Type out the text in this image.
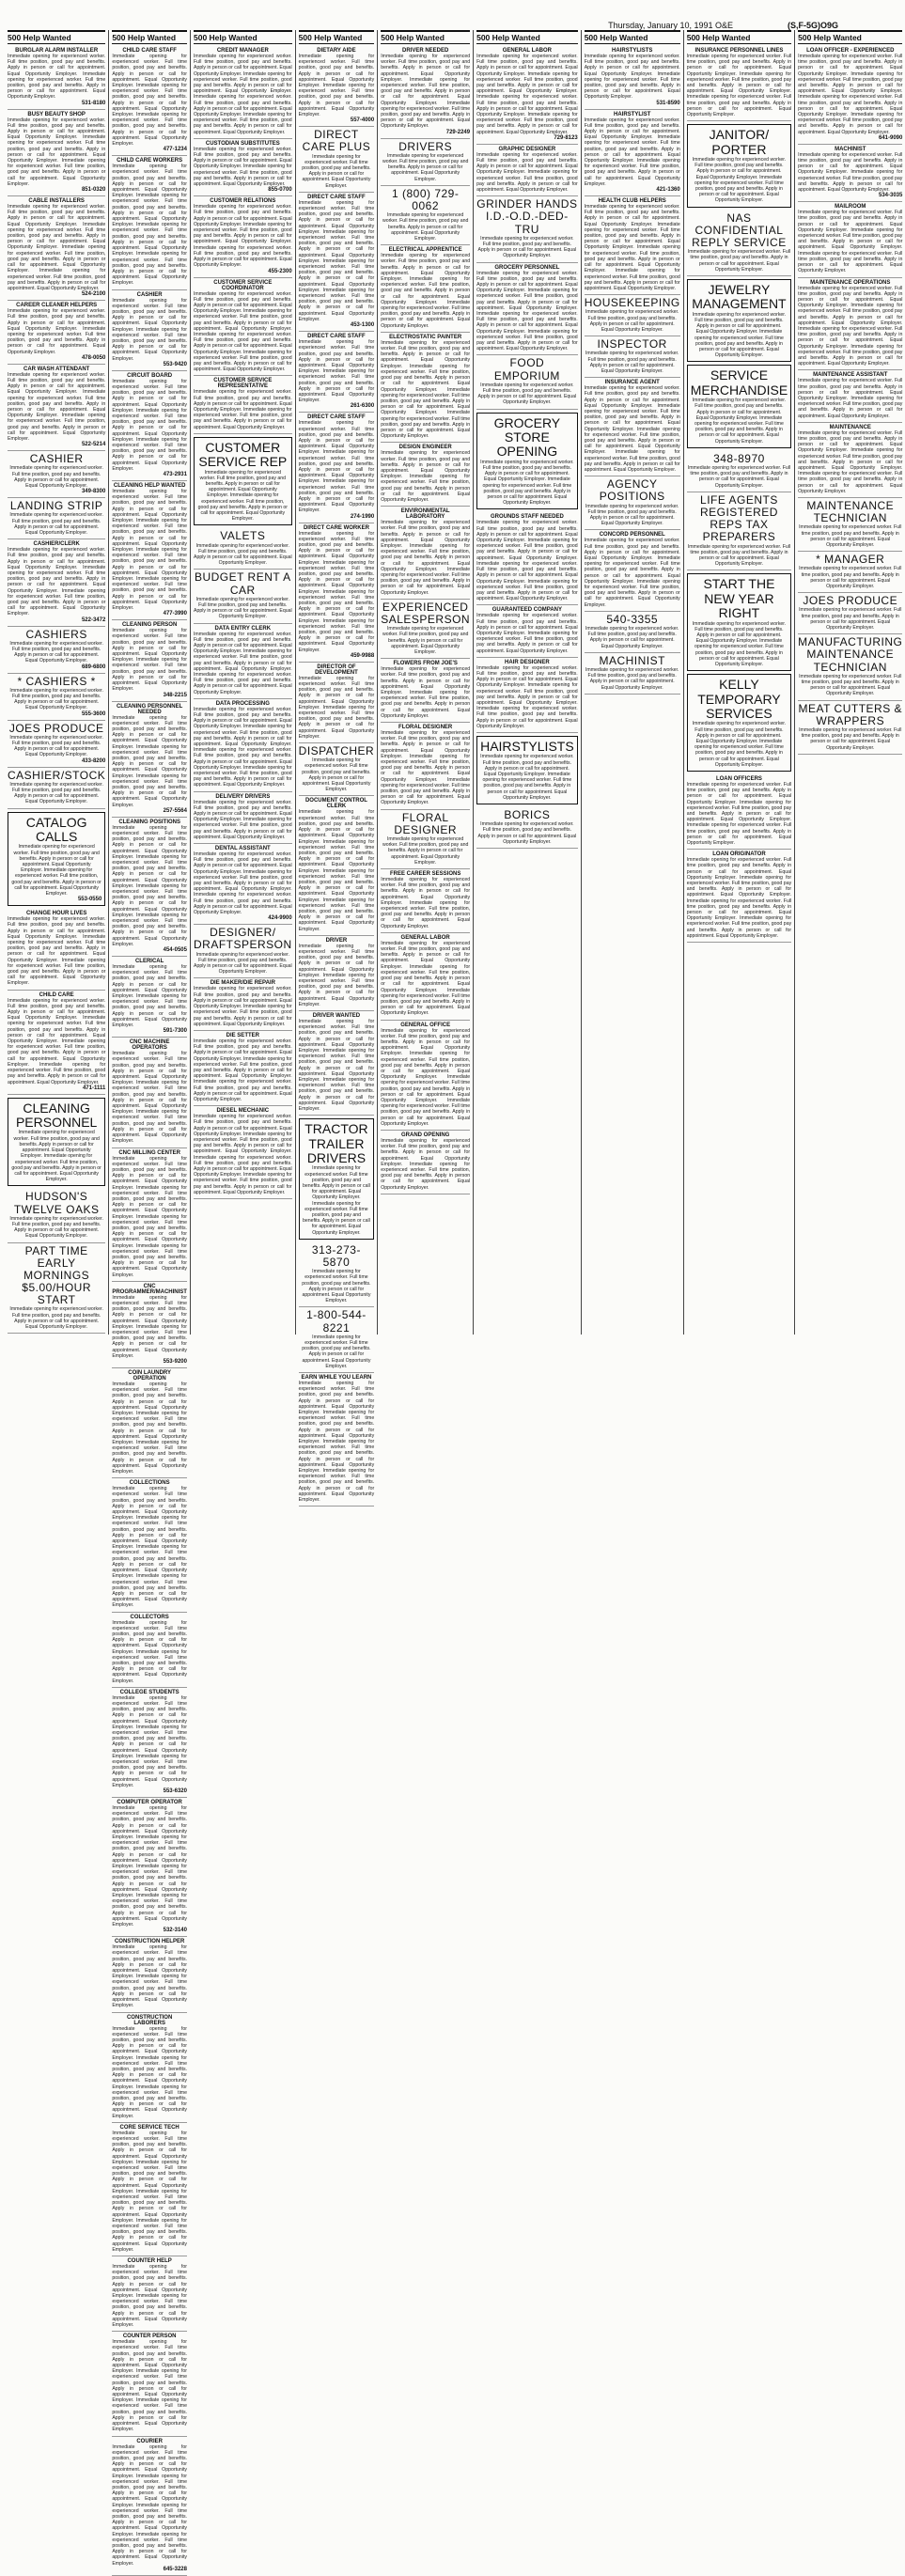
Thursday, January 10, 1991 O&E	(S,F-5G)O9G
500 Help Wanted
BURGLAR ALARM INSTALLER
Immediate opening for experienced worker. Full time position, good pay and benefits. Apply in person or call for appointment. Equal Opportunity Employer. Immediate opening for experienced worker. Full time position, good pay and benefits. Apply in person or call for appointment. Equal Opportunity Employer.
531-8180
BUSY BEAUTY SHOP
Immediate opening for experienced worker. Full time position, good pay and benefits. Apply in person or call for appointment. Equal Opportunity Employer. Immediate opening for experienced worker. Full time position, good pay and benefits. Apply in person or call for appointment. Equal Opportunity Employer. Immediate opening for experienced worker. Full time position, good pay and benefits. Apply in person or call for appointment. Equal Opportunity Employer.
851-0320
CABLE INSTALLERS
Immediate opening for experienced worker. Full time position, good pay and benefits. Apply in person or call for appointment. Equal Opportunity Employer. Immediate opening for experienced worker. Full time position, good pay and benefits. Apply in person or call for appointment. Equal Opportunity Employer. Immediate opening for experienced worker. Full time position, good pay and benefits. Apply in person or call for appointment. Equal Opportunity Employer. Immediate opening for experienced worker. Full time position, good pay and benefits. Apply in person or call for appointment. Equal Opportunity Employer.
524-2100
CAREER CLEANER HELPERS
Immediate opening for experienced worker. Full time position, good pay and benefits. Apply in person or call for appointment. Equal Opportunity Employer. Immediate opening for experienced worker. Full time position, good pay and benefits. Apply in person or call for appointment. Equal Opportunity Employer.
478-0050
CAR WASH ATTENDANT
Immediate opening for experienced worker. Full time position, good pay and benefits. Apply in person or call for appointment. Equal Opportunity Employer. Immediate opening for experienced worker. Full time position, good pay and benefits. Apply in person or call for appointment. Equal Opportunity Employer. Immediate opening for experienced worker. Full time position, good pay and benefits. Apply in person or call for appointment. Equal Opportunity Employer.
522-5214
CASHIER
Immediate opening for experienced worker. Full time position, good pay and benefits. Apply in person or call for appointment. Equal Opportunity Employer.
349-8300
LANDING STRIP
Immediate opening for experienced worker. Full time position, good pay and benefits. Apply in person or call for appointment. Equal Opportunity Employer.
CASHIER/CLERK
Immediate opening for experienced worker. Full time position, good pay and benefits. Apply in person or call for appointment. Equal Opportunity Employer. Immediate opening for experienced worker. Full time position, good pay and benefits. Apply in person or call for appointment. Equal Opportunity Employer. Immediate opening for experienced worker. Full time position, good pay and benefits. Apply in person or call for appointment. Equal Opportunity Employer.
522-3472
CASHIERS
Immediate opening for experienced worker. Full time position, good pay and benefits. Apply in person or call for appointment. Equal Opportunity Employer.
689-6800
* CASHIERS *
Immediate opening for experienced worker. Full time position, good pay and benefits. Apply in person or call for appointment. Equal Opportunity Employer.
555-3600
JOES PRODUCE
Immediate opening for experienced worker. Full time position, good pay and benefits. Apply in person or call for appointment. Equal Opportunity Employer.
433-8200
CASHIER/STOCK
Immediate opening for experienced worker. Full time position, good pay and benefits. Apply in person or call for appointment. Equal Opportunity Employer.
CATALOG CALLS
Immediate opening for experienced worker. Full time position, good pay and benefits. Apply in person or call for appointment. Equal Opportunity Employer. Immediate opening for experienced worker. Full time position, good pay and benefits. Apply in person or call for appointment. Equal Opportunity Employer.
553-0550
CHANGE HOUR LIVES
Immediate opening for experienced worker. Full time position, good pay and benefits. Apply in person or call for appointment. Equal Opportunity Employer. Immediate opening for experienced worker. Full time position, good pay and benefits. Apply in person or call for appointment. Equal Opportunity Employer. Immediate opening for experienced worker. Full time position, good pay and benefits. Apply in person or call for appointment. Equal Opportunity Employer.
CHILD CARE
Immediate opening for experienced worker. Full time position, good pay and benefits. Apply in person or call for appointment. Equal Opportunity Employer. Immediate opening for experienced worker. Full time position, good pay and benefits. Apply in person or call for appointment. Equal Opportunity Employer. Immediate opening for experienced worker. Full time position, good pay and benefits. Apply in person or call for appointment. Equal Opportunity Employer. Immediate opening for experienced worker. Full time position, good pay and benefits. Apply in person or call for appointment. Equal Opportunity Employer.
471-1111
CLEANING PERSONNEL
Immediate opening for experienced worker. Full time position, good pay and benefits. Apply in person or call for appointment. Equal Opportunity Employer. Immediate opening for experienced worker. Full time position, good pay and benefits. Apply in person or call for appointment. Equal Opportunity Employer.
HUDSON'S TWELVE OAKS
Immediate opening for experienced worker. Full time position, good pay and benefits. Apply in person or call for appointment. Equal Opportunity Employer.
PART TIME EARLY MORNINGS $5.00/HOUR START
Immediate opening for experienced worker. Full time position, good pay and benefits. Apply in person or call for appointment. Equal Opportunity Employer.
500 Help Wanted
CHILD CARE STAFF
Immediate opening for experienced worker. Full time position, good pay and benefits. Apply in person or call for appointment. Equal Opportunity Employer. Immediate opening for experienced worker. Full time position, good pay and benefits. Apply in person or call for appointment. Equal Opportunity Employer. Immediate opening for experienced worker. Full time position, good pay and benefits. Apply in person or call for appointment. Equal Opportunity Employer.
477-1234
CHILD CARE WORKERS
Immediate opening for experienced worker. Full time position, good pay and benefits. Apply in person or call for appointment. Equal Opportunity Employer. Immediate opening for experienced worker. Full time position, good pay and benefits. Apply in person or call for appointment. Equal Opportunity Employer. Immediate opening for experienced worker. Full time position, good pay and benefits. Apply in person or call for appointment. Equal Opportunity Employer. Immediate opening for experienced worker. Full time position, good pay and benefits. Apply in person or call for appointment. Equal Opportunity Employer.
CASHIER
Immediate opening for experienced worker. Full time position, good pay and benefits. Apply in person or call for appointment. Equal Opportunity Employer. Immediate opening for experienced worker. Full time position, good pay and benefits. Apply in person or call for appointment. Equal Opportunity Employer.
553-9420
CIRCUIT BOARD
Immediate opening for experienced worker. Full time position, good pay and benefits. Apply in person or call for appointment. Equal Opportunity Employer. Immediate opening for experienced worker. Full time position, good pay and benefits. Apply in person or call for appointment. Equal Opportunity Employer. Immediate opening for experienced worker. Full time position, good pay and benefits. Apply in person or call for appointment. Equal Opportunity Employer.
473-2931
CLEANING HELP WANTED
Immediate opening for experienced worker. Full time position, good pay and benefits. Apply in person or call for appointment. Equal Opportunity Employer. Immediate opening for experienced worker. Full time position, good pay and benefits. Apply in person or call for appointment. Equal Opportunity Employer. Immediate opening for experienced worker. Full time position, good pay and benefits. Apply in person or call for appointment. Equal Opportunity Employer. Immediate opening for experienced worker. Full time position, good pay and benefits. Apply in person or call for appointment. Equal Opportunity Employer.
477-3990
CLEANING PERSON
Immediate opening for experienced worker. Full time position, good pay and benefits. Apply in person or call for appointment. Equal Opportunity Employer. Immediate opening for experienced worker. Full time position, good pay and benefits. Apply in person or call for appointment. Equal Opportunity Employer.
348-2215
CLEANING PERSONNEL NEEDED
Immediate opening for experienced worker. Full time position, good pay and benefits. Apply in person or call for appointment. Equal Opportunity Employer. Immediate opening for experienced worker. Full time position, good pay and benefits. Apply in person or call for appointment. Equal Opportunity Employer. Immediate opening for experienced worker. Full time position, good pay and benefits. Apply in person or call for appointment. Equal Opportunity Employer.
257-5564
CLEANING POSITIONS
Immediate opening for experienced worker. Full time position, good pay and benefits. Apply in person or call for appointment. Equal Opportunity Employer. Immediate opening for experienced worker. Full time position, good pay and benefits. Apply in person or call for appointment. Equal Opportunity Employer. Immediate opening for experienced worker. Full time position, good pay and benefits. Apply in person or call for appointment. Equal Opportunity Employer. Immediate opening for experienced worker. Full time position, good pay and benefits. Apply in person or call for appointment. Equal Opportunity Employer.
454-0505
CLERICAL
Immediate opening for experienced worker. Full time position, good pay and benefits. Apply in person or call for appointment. Equal Opportunity Employer. Immediate opening for experienced worker. Full time position, good pay and benefits. Apply in person or call for appointment. Equal Opportunity Employer.
591-7300
CNC MACHINE OPERATORS
Immediate opening for experienced worker. Full time position, good pay and benefits. Apply in person or call for appointment. Equal Opportunity Employer. Immediate opening for experienced worker. Full time position, good pay and benefits. Apply in person or call for appointment. Equal Opportunity Employer. Immediate opening for experienced worker. Full time position, good pay and benefits. Apply in person or call for appointment. Equal Opportunity Employer.
CNC MILLING CENTER
Immediate opening for experienced worker. Full time position, good pay and benefits. Apply in person or call for appointment. Equal Opportunity Employer. Immediate opening for experienced worker. Full time position, good pay and benefits. Apply in person or call for appointment. Equal Opportunity Employer. Immediate opening for experienced worker. Full time position, good pay and benefits. Apply in person or call for appointment. Equal Opportunity Employer. Immediate opening for experienced worker. Full time position, good pay and benefits. Apply in person or call for appointment. Equal Opportunity Employer.
CNC PROGRAMMER/MACHINIST
Immediate opening for experienced worker. Full time position, good pay and benefits. Apply in person or call for appointment. Equal Opportunity Employer. Immediate opening for experienced worker. Full time position, good pay and benefits. Apply in person or call for appointment. Equal Opportunity Employer.
553-9200
COIN LAUNDRY OPERATION
Immediate opening for experienced worker. Full time position, good pay and benefits. Apply in person or call for appointment. Equal Opportunity Employer. Immediate opening for experienced worker. Full time position, good pay and benefits. Apply in person or call for appointment. Equal Opportunity Employer. Immediate opening for experienced worker. Full time position, good pay and benefits. Apply in person or call for appointment. Equal Opportunity Employer.
COLLECTIONS
Immediate opening for experienced worker. Full time position, good pay and benefits. Apply in person or call for appointment. Equal Opportunity Employer. Immediate opening for experienced worker. Full time position, good pay and benefits. Apply in person or call for appointment. Equal Opportunity Employer. Immediate opening for experienced worker. Full time position, good pay and benefits. Apply in person or call for appointment. Equal Opportunity Employer. Immediate opening for experienced worker. Full time position, good pay and benefits. Apply in person or call for appointment. Equal Opportunity Employer.
COLLECTORS
Immediate opening for experienced worker. Full time position, good pay and benefits. Apply in person or call for appointment. Equal Opportunity Employer. Immediate opening for experienced worker. Full time position, good pay and benefits. Apply in person or call for appointment. Equal Opportunity Employer.
COLLEGE STUDENTS
Immediate opening for experienced worker. Full time position, good pay and benefits. Apply in person or call for appointment. Equal Opportunity Employer. Immediate opening for experienced worker. Full time position, good pay and benefits. Apply in person or call for appointment. Equal Opportunity Employer. Immediate opening for experienced worker. Full time position, good pay and benefits. Apply in person or call for appointment. Equal Opportunity Employer.
553-6320
COMPUTER OPERATOR
Immediate opening for experienced worker. Full time position, good pay and benefits. Apply in person or call for appointment. Equal Opportunity Employer. Immediate opening for experienced worker. Full time position, good pay and benefits. Apply in person or call for appointment. Equal Opportunity Employer. Immediate opening for experienced worker. Full time position, good pay and benefits. Apply in person or call for appointment. Equal Opportunity Employer. Immediate opening for experienced worker. Full time position, good pay and benefits. Apply in person or call for appointment. Equal Opportunity Employer.
532-3140
CONSTRUCTION HELPER
Immediate opening for experienced worker. Full time position, good pay and benefits. Apply in person or call for appointment. Equal Opportunity Employer. Immediate opening for experienced worker. Full time position, good pay and benefits. Apply in person or call for appointment. Equal Opportunity Employer.
CONSTRUCTION LABORERS
Immediate opening for experienced worker. Full time position, good pay and benefits. Apply in person or call for appointment. Equal Opportunity Employer. Immediate opening for experienced worker. Full time position, good pay and benefits. Apply in person or call for appointment. Equal Opportunity Employer. Immediate opening for experienced worker. Full time position, good pay and benefits. Apply in person or call for appointment. Equal Opportunity Employer.
CORE SERVICE TECH
Immediate opening for experienced worker. Full time position, good pay and benefits. Apply in person or call for appointment. Equal Opportunity Employer. Immediate opening for experienced worker. Full time position, good pay and benefits. Apply in person or call for appointment. Equal Opportunity Employer. Immediate opening for experienced worker. Full time position, good pay and benefits. Apply in person or call for appointment. Equal Opportunity Employer. Immediate opening for experienced worker. Full time position, good pay and benefits. Apply in person or call for appointment. Equal Opportunity Employer.
COUNTER HELP
Immediate opening for experienced worker. Full time position, good pay and benefits. Apply in person or call for appointment. Equal Opportunity Employer. Immediate opening for experienced worker. Full time position, good pay and benefits. Apply in person or call for appointment. Equal Opportunity Employer.
COUNTER PERSON
Immediate opening for experienced worker. Full time position, good pay and benefits. Apply in person or call for appointment. Equal Opportunity Employer. Immediate opening for experienced worker. Full time position, good pay and benefits. Apply in person or call for appointment. Equal Opportunity Employer. Immediate opening for experienced worker. Full time position, good pay and benefits. Apply in person or call for appointment. Equal Opportunity Employer.
COURIER
Immediate opening for experienced worker. Full time position, good pay and benefits. Apply in person or call for appointment. Equal Opportunity Employer. Immediate opening for experienced worker. Full time position, good pay and benefits. Apply in person or call for appointment. Equal Opportunity Employer. Immediate opening for experienced worker. Full time position, good pay and benefits. Apply in person or call for appointment. Equal Opportunity Employer. Immediate opening for experienced worker. Full time position, good pay and benefits. Apply in person or call for appointment. Equal Opportunity Employer.
645-3228
500 Help Wanted
CREDIT MANAGER
Immediate opening for experienced worker. Full time position, good pay and benefits. Apply in person or call for appointment. Equal Opportunity Employer. Immediate opening for experienced worker. Full time position, good pay and benefits. Apply in person or call for appointment. Equal Opportunity Employer. Immediate opening for experienced worker. Full time position, good pay and benefits. Apply in person or call for appointment. Equal Opportunity Employer. Immediate opening for experienced worker. Full time position, good pay and benefits. Apply in person or call for appointment. Equal Opportunity Employer.
CUSTODIAN SUBSTITUTES
Immediate opening for experienced worker. Full time position, good pay and benefits. Apply in person or call for appointment. Equal Opportunity Employer. Immediate opening for experienced worker. Full time position, good pay and benefits. Apply in person or call for appointment. Equal Opportunity Employer.
855-0700
CUSTOMER RELATIONS
Immediate opening for experienced worker. Full time position, good pay and benefits. Apply in person or call for appointment. Equal Opportunity Employer. Immediate opening for experienced worker. Full time position, good pay and benefits. Apply in person or call for appointment. Equal Opportunity Employer. Immediate opening for experienced worker. Full time position, good pay and benefits. Apply in person or call for appointment. Equal Opportunity Employer.
455-2300
CUSTOMER SERVICE COORDINATOR
Immediate opening for experienced worker. Full time position, good pay and benefits. Apply in person or call for appointment. Equal Opportunity Employer. Immediate opening for experienced worker. Full time position, good pay and benefits. Apply in person or call for appointment. Equal Opportunity Employer. Immediate opening for experienced worker. Full time position, good pay and benefits. Apply in person or call for appointment. Equal Opportunity Employer. Immediate opening for experienced worker. Full time position, good pay and benefits. Apply in person or call for appointment. Equal Opportunity Employer.
CUSTOMER SERVICE REPRESENTATIVE
Immediate opening for experienced worker. Full time position, good pay and benefits. Apply in person or call for appointment. Equal Opportunity Employer. Immediate opening for experienced worker. Full time position, good pay and benefits. Apply in person or call for appointment. Equal Opportunity Employer.
CUSTOMER SERVICE REP
Immediate opening for experienced worker. Full time position, good pay and benefits. Apply in person or call for appointment. Equal Opportunity Employer. Immediate opening for experienced worker. Full time position, good pay and benefits. Apply in person or call for appointment. Equal Opportunity Employer.
VALETS
Immediate opening for experienced worker. Full time position, good pay and benefits. Apply in person or call for appointment. Equal Opportunity Employer.
BUDGET RENT A CAR
Immediate opening for experienced worker. Full time position, good pay and benefits. Apply in person or call for appointment. Equal Opportunity Employer.
DATA ENTRY CLERK
Immediate opening for experienced worker. Full time position, good pay and benefits. Apply in person or call for appointment. Equal Opportunity Employer. Immediate opening for experienced worker. Full time position, good pay and benefits. Apply in person or call for appointment. Equal Opportunity Employer. Immediate opening for experienced worker. Full time position, good pay and benefits. Apply in person or call for appointment. Equal Opportunity Employer.
DATA PROCESSING
Immediate opening for experienced worker. Full time position, good pay and benefits. Apply in person or call for appointment. Equal Opportunity Employer. Immediate opening for experienced worker. Full time position, good pay and benefits. Apply in person or call for appointment. Equal Opportunity Employer. Immediate opening for experienced worker. Full time position, good pay and benefits. Apply in person or call for appointment. Equal Opportunity Employer. Immediate opening for experienced worker. Full time position, good pay and benefits. Apply in person or call for appointment. Equal Opportunity Employer.
DELIVERY DRIVERS
Immediate opening for experienced worker. Full time position, good pay and benefits. Apply in person or call for appointment. Equal Opportunity Employer. Immediate opening for experienced worker. Full time position, good pay and benefits. Apply in person or call for appointment. Equal Opportunity Employer.
DENTAL ASSISTANT
Immediate opening for experienced worker. Full time position, good pay and benefits. Apply in person or call for appointment. Equal Opportunity Employer. Immediate opening for experienced worker. Full time position, good pay and benefits. Apply in person or call for appointment. Equal Opportunity Employer. Immediate opening for experienced worker. Full time position, good pay and benefits. Apply in person or call for appointment. Equal Opportunity Employer.
424-9900
DESIGNER/ DRAFTSPERSON
Immediate opening for experienced worker. Full time position, good pay and benefits. Apply in person or call for appointment. Equal Opportunity Employer.
DIE MAKER/DIE REPAIR
Immediate opening for experienced worker. Full time position, good pay and benefits. Apply in person or call for appointment. Equal Opportunity Employer. Immediate opening for experienced worker. Full time position, good pay and benefits. Apply in person or call for appointment. Equal Opportunity Employer.
DIE SETTER
Immediate opening for experienced worker. Full time position, good pay and benefits. Apply in person or call for appointment. Equal Opportunity Employer. Immediate opening for experienced worker. Full time position, good pay and benefits. Apply in person or call for appointment. Equal Opportunity Employer. Immediate opening for experienced worker. Full time position, good pay and benefits. Apply in person or call for appointment. Equal Opportunity Employer.
DIESEL MECHANIC
Immediate opening for experienced worker. Full time position, good pay and benefits. Apply in person or call for appointment. Equal Opportunity Employer. Immediate opening for experienced worker. Full time position, good pay and benefits. Apply in person or call for appointment. Equal Opportunity Employer. Immediate opening for experienced worker. Full time position, good pay and benefits. Apply in person or call for appointment. Equal Opportunity Employer. Immediate opening for experienced worker. Full time position, good pay and benefits. Apply in person or call for appointment. Equal Opportunity Employer.
500 Help Wanted
DIETARY AIDE
Immediate opening for experienced worker. Full time position, good pay and benefits. Apply in person or call for appointment. Equal Opportunity Employer. Immediate opening for experienced worker. Full time position, good pay and benefits. Apply in person or call for appointment. Equal Opportunity Employer.
557-4000
DIRECT CARE PLUS
Immediate opening for experienced worker. Full time position, good pay and benefits. Apply in person or call for appointment. Equal Opportunity Employer.
DIRECT CARE STAFF
Immediate opening for experienced worker. Full time position, good pay and benefits. Apply in person or call for appointment. Equal Opportunity Employer. Immediate opening for experienced worker. Full time position, good pay and benefits. Apply in person or call for appointment. Equal Opportunity Employer. Immediate opening for experienced worker. Full time position, good pay and benefits. Apply in person or call for appointment. Equal Opportunity Employer. Immediate opening for experienced worker. Full time position, good pay and benefits. Apply in person or call for appointment. Equal Opportunity Employer.
453-1300
DIRECT CARE STAFF
Immediate opening for experienced worker. Full time position, good pay and benefits. Apply in person or call for appointment. Equal Opportunity Employer. Immediate opening for experienced worker. Full time position, good pay and benefits. Apply in person or call for appointment. Equal Opportunity Employer.
261-6300
DIRECT CARE STAFF
Immediate opening for experienced worker. Full time position, good pay and benefits. Apply in person or call for appointment. Equal Opportunity Employer. Immediate opening for experienced worker. Full time position, good pay and benefits. Apply in person or call for appointment. Equal Opportunity Employer. Immediate opening for experienced worker. Full time position, good pay and benefits. Apply in person or call for appointment. Equal Opportunity Employer.
274-1990
DIRECT CARE WORKER
Immediate opening for experienced worker. Full time position, good pay and benefits. Apply in person or call for appointment. Equal Opportunity Employer. Immediate opening for experienced worker. Full time position, good pay and benefits. Apply in person or call for appointment. Equal Opportunity Employer. Immediate opening for experienced worker. Full time position, good pay and benefits. Apply in person or call for appointment. Equal Opportunity Employer. Immediate opening for experienced worker. Full time position, good pay and benefits. Apply in person or call for appointment. Equal Opportunity Employer.
459-9988
DIRECTOR OF DEVELOPMENT
Immediate opening for experienced worker. Full time position, good pay and benefits. Apply in person or call for appointment. Equal Opportunity Employer. Immediate opening for experienced worker. Full time position, good pay and benefits. Apply in person or call for appointment. Equal Opportunity Employer.
DISPATCHER
Immediate opening for experienced worker. Full time position, good pay and benefits. Apply in person or call for appointment. Equal Opportunity Employer.
DOCUMENT CONTROL CLERK
Immediate opening for experienced worker. Full time position, good pay and benefits. Apply in person or call for appointment. Equal Opportunity Employer. Immediate opening for experienced worker. Full time position, good pay and benefits. Apply in person or call for appointment. Equal Opportunity Employer. Immediate opening for experienced worker. Full time position, good pay and benefits. Apply in person or call for appointment. Equal Opportunity Employer. Immediate opening for experienced worker. Full time position, good pay and benefits. Apply in person or call for appointment. Equal Opportunity Employer.
DRIVER
Immediate opening for experienced worker. Full time position, good pay and benefits. Apply in person or call for appointment. Equal Opportunity Employer. Immediate opening for experienced worker. Full time position, good pay and benefits. Apply in person or call for appointment. Equal Opportunity Employer.
DRIVER WANTED
Immediate opening for experienced worker. Full time position, good pay and benefits. Apply in person or call for appointment. Equal Opportunity Employer. Immediate opening for experienced worker. Full time position, good pay and benefits. Apply in person or call for appointment. Equal Opportunity Employer. Immediate opening for experienced worker. Full time position, good pay and benefits. Apply in person or call for appointment. Equal Opportunity Employer.
TRACTOR TRAILER DRIVERS
Immediate opening for experienced worker. Full time position, good pay and benefits. Apply in person or call for appointment. Equal Opportunity Employer. Immediate opening for experienced worker. Full time position, good pay and benefits. Apply in person or call for appointment. Equal Opportunity Employer.
313-273-5870
Immediate opening for experienced worker. Full time position, good pay and benefits. Apply in person or call for appointment. Equal Opportunity Employer.
1-800-544-8221
Immediate opening for experienced worker. Full time position, good pay and benefits. Apply in person or call for appointment. Equal Opportunity Employer.
EARN WHILE YOU LEARN
Immediate opening for experienced worker. Full time position, good pay and benefits. Apply in person or call for appointment. Equal Opportunity Employer. Immediate opening for experienced worker. Full time position, good pay and benefits. Apply in person or call for appointment. Equal Opportunity Employer. Immediate opening for experienced worker. Full time position, good pay and benefits. Apply in person or call for appointment. Equal Opportunity Employer. Immediate opening for experienced worker. Full time position, good pay and benefits. Apply in person or call for appointment. Equal Opportunity Employer.
500 Help Wanted
DRIVER NEEDED
Immediate opening for experienced worker. Full time position, good pay and benefits. Apply in person or call for appointment. Equal Opportunity Employer. Immediate opening for experienced worker. Full time position, good pay and benefits. Apply in person or call for appointment. Equal Opportunity Employer. Immediate opening for experienced worker. Full time position, good pay and benefits. Apply in person or call for appointment. Equal Opportunity Employer.
729-2249
DRIVERS
Immediate opening for experienced worker. Full time position, good pay and benefits. Apply in person or call for appointment. Equal Opportunity Employer.
1 (800) 729-0062
Immediate opening for experienced worker. Full time position, good pay and benefits. Apply in person or call for appointment. Equal Opportunity Employer.
ELECTRICAL APPRENTICE
Immediate opening for experienced worker. Full time position, good pay and benefits. Apply in person or call for appointment. Equal Opportunity Employer. Immediate opening for experienced worker. Full time position, good pay and benefits. Apply in person or call for appointment. Equal Opportunity Employer. Immediate opening for experienced worker. Full time position, good pay and benefits. Apply in person or call for appointment. Equal Opportunity Employer.
ELECTROSTATIC PAINTER
Immediate opening for experienced worker. Full time position, good pay and benefits. Apply in person or call for appointment. Equal Opportunity Employer. Immediate opening for experienced worker. Full time position, good pay and benefits. Apply in person or call for appointment. Equal Opportunity Employer. Immediate opening for experienced worker. Full time position, good pay and benefits. Apply in person or call for appointment. Equal Opportunity Employer. Immediate opening for experienced worker. Full time position, good pay and benefits. Apply in person or call for appointment. Equal Opportunity Employer.
DESIGN ENGINEER
Immediate opening for experienced worker. Full time position, good pay and benefits. Apply in person or call for appointment. Equal Opportunity Employer. Immediate opening for experienced worker. Full time position, good pay and benefits. Apply in person or call for appointment. Equal Opportunity Employer.
ENVIRONMENTAL LABORATORY
Immediate opening for experienced worker. Full time position, good pay and benefits. Apply in person or call for appointment. Equal Opportunity Employer. Immediate opening for experienced worker. Full time position, good pay and benefits. Apply in person or call for appointment. Equal Opportunity Employer. Immediate opening for experienced worker. Full time position, good pay and benefits. Apply in person or call for appointment. Equal Opportunity Employer.
EXPERIENCED SALESPERSON
Immediate opening for experienced worker. Full time position, good pay and benefits. Apply in person or call for appointment. Equal Opportunity Employer.
FLOWERS FROM JOE'S
Immediate opening for experienced worker. Full time position, good pay and benefits. Apply in person or call for appointment. Equal Opportunity Employer. Immediate opening for experienced worker. Full time position, good pay and benefits. Apply in person or call for appointment. Equal Opportunity Employer.
FLORAL DESIGNER
Immediate opening for experienced worker. Full time position, good pay and benefits. Apply in person or call for appointment. Equal Opportunity Employer. Immediate opening for experienced worker. Full time position, good pay and benefits. Apply in person or call for appointment. Equal Opportunity Employer. Immediate opening for experienced worker. Full time position, good pay and benefits. Apply in person or call for appointment. Equal Opportunity Employer.
FLORAL DESIGNER
Immediate opening for experienced worker. Full time position, good pay and benefits. Apply in person or call for appointment. Equal Opportunity Employer.
FREE CAREER SESSIONS
Immediate opening for experienced worker. Full time position, good pay and benefits. Apply in person or call for appointment. Equal Opportunity Employer. Immediate opening for experienced worker. Full time position, good pay and benefits. Apply in person or call for appointment. Equal Opportunity Employer.
GENERAL LABOR
Immediate opening for experienced worker. Full time position, good pay and benefits. Apply in person or call for appointment. Equal Opportunity Employer. Immediate opening for experienced worker. Full time position, good pay and benefits. Apply in person or call for appointment. Equal Opportunity Employer. Immediate opening for experienced worker. Full time position, good pay and benefits. Apply in person or call for appointment. Equal Opportunity Employer.
GENERAL OFFICE
Immediate opening for experienced worker. Full time position, good pay and benefits. Apply in person or call for appointment. Equal Opportunity Employer. Immediate opening for experienced worker. Full time position, good pay and benefits. Apply in person or call for appointment. Equal Opportunity Employer. Immediate opening for experienced worker. Full time position, good pay and benefits. Apply in person or call for appointment. Equal Opportunity Employer. Immediate opening for experienced worker. Full time position, good pay and benefits. Apply in person or call for appointment. Equal Opportunity Employer.
GRAND OPENING
Immediate opening for experienced worker. Full time position, good pay and benefits. Apply in person or call for appointment. Equal Opportunity Employer. Immediate opening for experienced worker. Full time position, good pay and benefits. Apply in person or call for appointment. Equal Opportunity Employer.
500 Help Wanted
GENERAL LABOR
Immediate opening for experienced worker. Full time position, good pay and benefits. Apply in person or call for appointment. Equal Opportunity Employer. Immediate opening for experienced worker. Full time position, good pay and benefits. Apply in person or call for appointment. Equal Opportunity Employer. Immediate opening for experienced worker. Full time position, good pay and benefits. Apply in person or call for appointment. Equal Opportunity Employer. Immediate opening for experienced worker. Full time position, good pay and benefits. Apply in person or call for appointment. Equal Opportunity Employer.
729-8123
GRAPHIC DESIGNER
Immediate opening for experienced worker. Full time position, good pay and benefits. Apply in person or call for appointment. Equal Opportunity Employer. Immediate opening for experienced worker. Full time position, good pay and benefits. Apply in person or call for appointment. Equal Opportunity Employer.
GRINDER HANDS I.D.-O.D.-DED-TRU
Immediate opening for experienced worker. Full time position, good pay and benefits. Apply in person or call for appointment. Equal Opportunity Employer.
GROCERY PERSONNEL
Immediate opening for experienced worker. Full time position, good pay and benefits. Apply in person or call for appointment. Equal Opportunity Employer. Immediate opening for experienced worker. Full time position, good pay and benefits. Apply in person or call for appointment. Equal Opportunity Employer. Immediate opening for experienced worker. Full time position, good pay and benefits. Apply in person or call for appointment. Equal Opportunity Employer. Immediate opening for experienced worker. Full time position, good pay and benefits. Apply in person or call for appointment. Equal Opportunity Employer.
FOOD EMPORIUM
Immediate opening for experienced worker. Full time position, good pay and benefits. Apply in person or call for appointment. Equal Opportunity Employer.
GROCERY STORE OPENING
Immediate opening for experienced worker. Full time position, good pay and benefits. Apply in person or call for appointment. Equal Opportunity Employer. Immediate opening for experienced worker. Full time position, good pay and benefits. Apply in person or call for appointment. Equal Opportunity Employer.
GROUNDS STAFF NEEDED
Immediate opening for experienced worker. Full time position, good pay and benefits. Apply in person or call for appointment. Equal Opportunity Employer. Immediate opening for experienced worker. Full time position, good pay and benefits. Apply in person or call for appointment. Equal Opportunity Employer. Immediate opening for experienced worker. Full time position, good pay and benefits. Apply in person or call for appointment. Equal Opportunity Employer. Immediate opening for experienced worker. Full time position, good pay and benefits. Apply in person or call for appointment. Equal Opportunity Employer.
GUARANTEED COMPANY
Immediate opening for experienced worker. Full time position, good pay and benefits. Apply in person or call for appointment. Equal Opportunity Employer. Immediate opening for experienced worker. Full time position, good pay and benefits. Apply in person or call for appointment. Equal Opportunity Employer.
HAIR DESIGNER
Immediate opening for experienced worker. Full time position, good pay and benefits. Apply in person or call for appointment. Equal Opportunity Employer. Immediate opening for experienced worker. Full time position, good pay and benefits. Apply in person or call for appointment. Equal Opportunity Employer. Immediate opening for experienced worker. Full time position, good pay and benefits. Apply in person or call for appointment. Equal Opportunity Employer.
HAIRSTYLISTS
Immediate opening for experienced worker. Full time position, good pay and benefits. Apply in person or call for appointment. Equal Opportunity Employer. Immediate opening for experienced worker. Full time position, good pay and benefits. Apply in person or call for appointment. Equal Opportunity Employer.
BORICS
Immediate opening for experienced worker. Full time position, good pay and benefits. Apply in person or call for appointment. Equal Opportunity Employer.
500 Help Wanted
HAIRSTYLISTS
Immediate opening for experienced worker. Full time position, good pay and benefits. Apply in person or call for appointment. Equal Opportunity Employer. Immediate opening for experienced worker. Full time position, good pay and benefits. Apply in person or call for appointment. Equal Opportunity Employer.
531-8590
HAIRSTYLIST
Immediate opening for experienced worker. Full time position, good pay and benefits. Apply in person or call for appointment. Equal Opportunity Employer. Immediate opening for experienced worker. Full time position, good pay and benefits. Apply in person or call for appointment. Equal Opportunity Employer. Immediate opening for experienced worker. Full time position, good pay and benefits. Apply in person or call for appointment. Equal Opportunity Employer.
421-1360
HEALTH CLUB HELPERS
Immediate opening for experienced worker. Full time position, good pay and benefits. Apply in person or call for appointment. Equal Opportunity Employer. Immediate opening for experienced worker. Full time position, good pay and benefits. Apply in person or call for appointment. Equal Opportunity Employer. Immediate opening for experienced worker. Full time position, good pay and benefits. Apply in person or call for appointment. Equal Opportunity Employer. Immediate opening for experienced worker. Full time position, good pay and benefits. Apply in person or call for appointment. Equal Opportunity Employer.
HOUSEKEEPING
Immediate opening for experienced worker. Full time position, good pay and benefits. Apply in person or call for appointment. Equal Opportunity Employer.
INSPECTOR
Immediate opening for experienced worker. Full time position, good pay and benefits. Apply in person or call for appointment. Equal Opportunity Employer.
INSURANCE AGENT
Immediate opening for experienced worker. Full time position, good pay and benefits. Apply in person or call for appointment. Equal Opportunity Employer. Immediate opening for experienced worker. Full time position, good pay and benefits. Apply in person or call for appointment. Equal Opportunity Employer. Immediate opening for experienced worker. Full time position, good pay and benefits. Apply in person or call for appointment. Equal Opportunity Employer. Immediate opening for experienced worker. Full time position, good pay and benefits. Apply in person or call for appointment. Equal Opportunity Employer.
AGENCY POSITIONS
Immediate opening for experienced worker. Full time position, good pay and benefits. Apply in person or call for appointment. Equal Opportunity Employer.
CONCORD PERSONNEL
Immediate opening for experienced worker. Full time position, good pay and benefits. Apply in person or call for appointment. Equal Opportunity Employer. Immediate opening for experienced worker. Full time position, good pay and benefits. Apply in person or call for appointment. Equal Opportunity Employer. Immediate opening for experienced worker. Full time position, good pay and benefits. Apply in person or call for appointment. Equal Opportunity Employer.
540-3355
Immediate opening for experienced worker. Full time position, good pay and benefits. Apply in person or call for appointment. Equal Opportunity Employer.
MACHINIST
Immediate opening for experienced worker. Full time position, good pay and benefits. Apply in person or call for appointment. Equal Opportunity Employer.
500 Help Wanted
INSURANCE PERSONNEL LINES
Immediate opening for experienced worker. Full time position, good pay and benefits. Apply in person or call for appointment. Equal Opportunity Employer. Immediate opening for experienced worker. Full time position, good pay and benefits. Apply in person or call for appointment. Equal Opportunity Employer. Immediate opening for experienced worker. Full time position, good pay and benefits. Apply in person or call for appointment. Equal Opportunity Employer.
JANITOR/ PORTER
Immediate opening for experienced worker. Full time position, good pay and benefits. Apply in person or call for appointment. Equal Opportunity Employer. Immediate opening for experienced worker. Full time position, good pay and benefits. Apply in person or call for appointment. Equal Opportunity Employer.
NAS CONFIDENTIAL REPLY SERVICE
Immediate opening for experienced worker. Full time position, good pay and benefits. Apply in person or call for appointment. Equal Opportunity Employer.
JEWELRY MANAGEMENT
Immediate opening for experienced worker. Full time position, good pay and benefits. Apply in person or call for appointment. Equal Opportunity Employer. Immediate opening for experienced worker. Full time position, good pay and benefits. Apply in person or call for appointment. Equal Opportunity Employer.
SERVICE MERCHANDISE
Immediate opening for experienced worker. Full time position, good pay and benefits. Apply in person or call for appointment. Equal Opportunity Employer. Immediate opening for experienced worker. Full time position, good pay and benefits. Apply in person or call for appointment. Equal Opportunity Employer.
348-8970
Immediate opening for experienced worker. Full time position, good pay and benefits. Apply in person or call for appointment. Equal Opportunity Employer.
LIFE AGENTS REGISTERED REPS TAX PREPARERS
Immediate opening for experienced worker. Full time position, good pay and benefits. Apply in person or call for appointment. Equal Opportunity Employer.
START THE NEW YEAR RIGHT
Immediate opening for experienced worker. Full time position, good pay and benefits. Apply in person or call for appointment. Equal Opportunity Employer. Immediate opening for experienced worker. Full time position, good pay and benefits. Apply in person or call for appointment. Equal Opportunity Employer.
KELLY TEMPORARY SERVICES
Immediate opening for experienced worker. Full time position, good pay and benefits. Apply in person or call for appointment. Equal Opportunity Employer. Immediate opening for experienced worker. Full time position, good pay and benefits. Apply in person or call for appointment. Equal Opportunity Employer.
LOAN OFFICERS
Immediate opening for experienced worker. Full time position, good pay and benefits. Apply in person or call for appointment. Equal Opportunity Employer. Immediate opening for experienced worker. Full time position, good pay and benefits. Apply in person or call for appointment. Equal Opportunity Employer. Immediate opening for experienced worker. Full time position, good pay and benefits. Apply in person or call for appointment. Equal Opportunity Employer.
LOAN ORIGINATOR
Immediate opening for experienced worker. Full time position, good pay and benefits. Apply in person or call for appointment. Equal Opportunity Employer. Immediate opening for experienced worker. Full time position, good pay and benefits. Apply in person or call for appointment. Equal Opportunity Employer. Immediate opening for experienced worker. Full time position, good pay and benefits. Apply in person or call for appointment. Equal Opportunity Employer. Immediate opening for experienced worker. Full time position, good pay and benefits. Apply in person or call for appointment. Equal Opportunity Employer.
500 Help Wanted
LOAN OFFICER - EXPERIENCED
Immediate opening for experienced worker. Full time position, good pay and benefits. Apply in person or call for appointment. Equal Opportunity Employer. Immediate opening for experienced worker. Full time position, good pay and benefits. Apply in person or call for appointment. Equal Opportunity Employer. Immediate opening for experienced worker. Full time position, good pay and benefits. Apply in person or call for appointment. Equal Opportunity Employer. Immediate opening for experienced worker. Full time position, good pay and benefits. Apply in person or call for appointment. Equal Opportunity Employer.
641-9090
MACHINIST
Immediate opening for experienced worker. Full time position, good pay and benefits. Apply in person or call for appointment. Equal Opportunity Employer. Immediate opening for experienced worker. Full time position, good pay and benefits. Apply in person or call for appointment. Equal Opportunity Employer.
534-3035
MAILROOM
Immediate opening for experienced worker. Full time position, good pay and benefits. Apply in person or call for appointment. Equal Opportunity Employer. Immediate opening for experienced worker. Full time position, good pay and benefits. Apply in person or call for appointment. Equal Opportunity Employer. Immediate opening for experienced worker. Full time position, good pay and benefits. Apply in person or call for appointment. Equal Opportunity Employer.
MAINTENANCE OPERATIONS
Immediate opening for experienced worker. Full time position, good pay and benefits. Apply in person or call for appointment. Equal Opportunity Employer. Immediate opening for experienced worker. Full time position, good pay and benefits. Apply in person or call for appointment. Equal Opportunity Employer. Immediate opening for experienced worker. Full time position, good pay and benefits. Apply in person or call for appointment. Equal Opportunity Employer. Immediate opening for experienced worker. Full time position, good pay and benefits. Apply in person or call for appointment. Equal Opportunity Employer.
MAINTENANCE ASSISTANT
Immediate opening for experienced worker. Full time position, good pay and benefits. Apply in person or call for appointment. Equal Opportunity Employer. Immediate opening for experienced worker. Full time position, good pay and benefits. Apply in person or call for appointment. Equal Opportunity Employer.
MAINTENANCE
Immediate opening for experienced worker. Full time position, good pay and benefits. Apply in person or call for appointment. Equal Opportunity Employer. Immediate opening for experienced worker. Full time position, good pay and benefits. Apply in person or call for appointment. Equal Opportunity Employer. Immediate opening for experienced worker. Full time position, good pay and benefits. Apply in person or call for appointment. Equal Opportunity Employer.
MAINTENANCE TECHNICIAN
Immediate opening for experienced worker. Full time position, good pay and benefits. Apply in person or call for appointment. Equal Opportunity Employer.
* MANAGER
Immediate opening for experienced worker. Full time position, good pay and benefits. Apply in person or call for appointment. Equal Opportunity Employer.
JOES PRODUCE
Immediate opening for experienced worker. Full time position, good pay and benefits. Apply in person or call for appointment. Equal Opportunity Employer.
MANUFACTURING MAINTENANCE TECHNICIAN
Immediate opening for experienced worker. Full time position, good pay and benefits. Apply in person or call for appointment. Equal Opportunity Employer.
MEAT CUTTERS & WRAPPERS
Immediate opening for experienced worker. Full time position, good pay and benefits. Apply in person or call for appointment. Equal Opportunity Employer.
